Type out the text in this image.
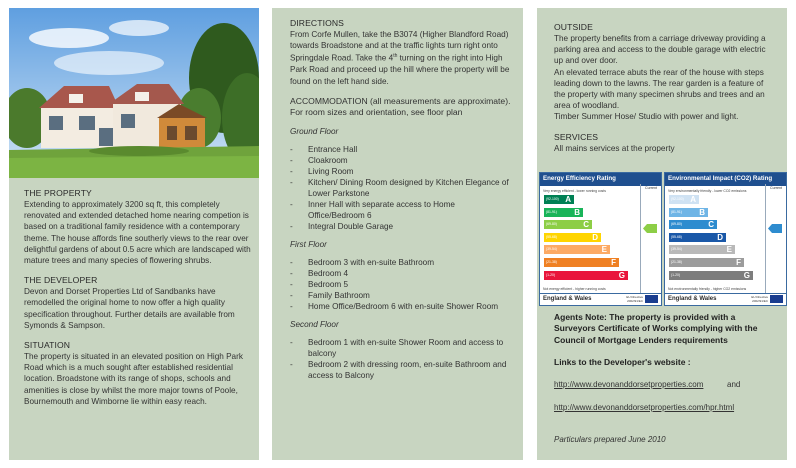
THE PROPERTY

Extending to approximately 3200 sq ft, this completely renovated and extended detached home nearing competion is based on a traditional family residence with a contemporary theme. The house affords fine southerly views to the rear over delightful gardens of about 0.5 acre which are landscaped with mature trees and many species of flowering shrubs.

THE DEVELOPER

Devon and Dorset Properties Ltd of Sandbanks have remodelled the original home to now offer a high quality specification throughout. Further details are available from Symonds & Sampson.

SITUATION

The property is situated in an elevated position on High Park Road which is a much sought after established residential location. Broadstone with its range of shops, schools and amenities is close by whilst the more major towns of Poole, Bournemouth and Wimborne lie within easy reach.

DIRECTIONS

From Corfe Mullen, take the B3074 (Higher Blandford Road) towards Broadstone and at the traffic lights turn right onto Springdale Road. Take the 4th turning on the right into High Park Road and proceed up the hill where the property will be found on the left hand side.

ACCOMMODATION (all measurements are approximate). For room sizes and orientation, see floor plan

Ground Floor
- Entrance Hall
- Cloakroom
- Living Room
- Kitchen/ Dining Room designed by Kitchen Elegance of Lower Parkstone
- Inner Hall with separate access to Home Office/Bedroom 6
- Integral Double Garage
First Floor
- Bedroom 3 with en-suite Bathroom
- Bedroom 4
- Bedroom 5
- Family Bathroom
- Home Office/Bedroom 6 with en-suite Shower Room
Second Floor
- Bedroom 1 with en-suite Shower Room and access to balcony
- Bedroom 2 with dressing room, en-suite Bathroom and access to Balcony
OUTSIDE

The property benefits from a carriage driveway providing a parking area and access to the double garage with electric up and over door.

An elevated terrace abuts the rear of the house with steps leading down to the lawns. The rear garden is a feature of the property with many specimen shrubs and trees and an area of woodland.

Timber Summer Hose/ Studio with power and light.

SERVICES

All mains services at the property

Energy Efficiency Rating
Current
Very energy efficient - lower running costs
(92-100) A
(81-91) B
(69-80)	C
(55-68)	D
(39-54)	E
(21-38)	F
(1-20)	G
Not energy efficient - higher running costs
England & Wales	EU Directive 2002/91/EC
Environmental Impact (CO2) Rating
Current
Very environmentally friendly - lower CO2 emissions
(92-100) A
(81-91) B
(69-80)	C
(55-68)	D
(39-54)	E
(21-38)	F
(1-20)	G
Not environmentally friendly - higher CO2 emissions
England & Wales	EU Directive 2002/91/EC

Agents Note: The property is provided with a Surveyors Certificate of Works complying with the Council of Mortgage Lenders requirements

Links to the Developer's website :

http://www.devonanddorsetproperties.com	and
http://www.devonanddorsetproperties.com/hpr.html

Particulars prepared June 2010
